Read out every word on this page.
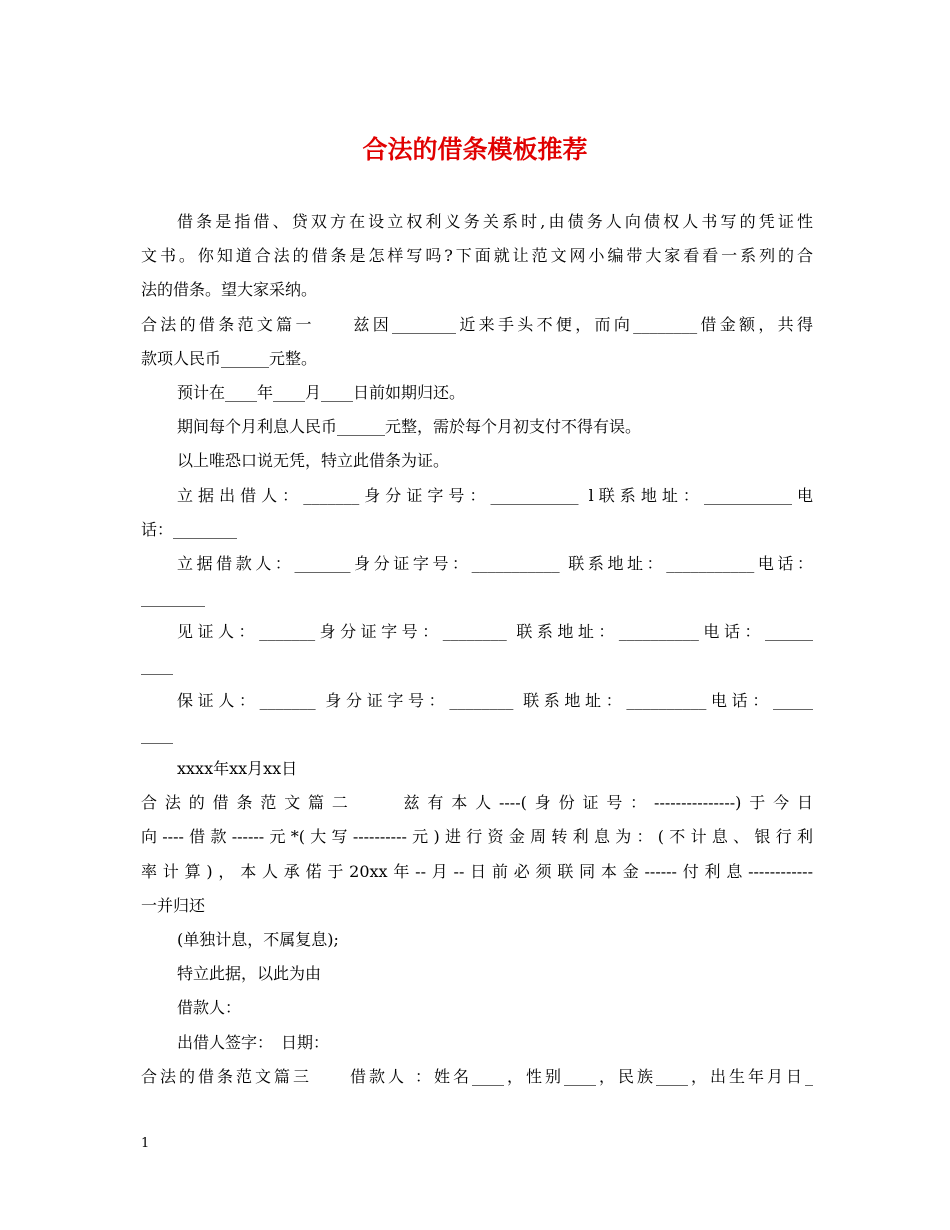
合法的借条模板推荐
借条是指借、贷双方在设立权利义务关系时,由债务人向债权人书写的凭证性
文书。你知道合法的借条是怎样写吗?下面就让范文网小编带大家看看一系列的合
法的借条。望大家采纳。
合法的借条范文篇一　　兹因________近来手头不便，而向________借金额，共得
款项人民币______元整。
预计在____年____月____日前如期归还。
期间每个月利息人民币______元整，需於每个月初支付不得有误。
以上唯恐口说无凭，特立此借条为证。
立据出借人：_______身分证字号：___________ l联系地址：___________电
话：________
立据借款人：_______身分证字号：___________ 联系地址：___________电话：
________
见证人：_______身分证字号：________ 联系地址：__________电话：______
____
保证人：_______ 身分证字号：________ 联系地址：__________电话：_____
____
xxxx年xx月xx日
合法的借条范文篇二　　兹有本人----(身份证号：---------------)于今日
向----借款------元*(大写----------元)进行资金周转利息为：(不计息、银行利
率计算)，本人承偌于20xx年--月--日前必须联同本金------付利息------------
一并归还
(单独计息，不属复息);
特立此据，以此为由
借款人：
出借人签字：　日期：
合法的借条范文篇三　　借款人 ：姓名____，性别____，民族____，出生年月日_
1
